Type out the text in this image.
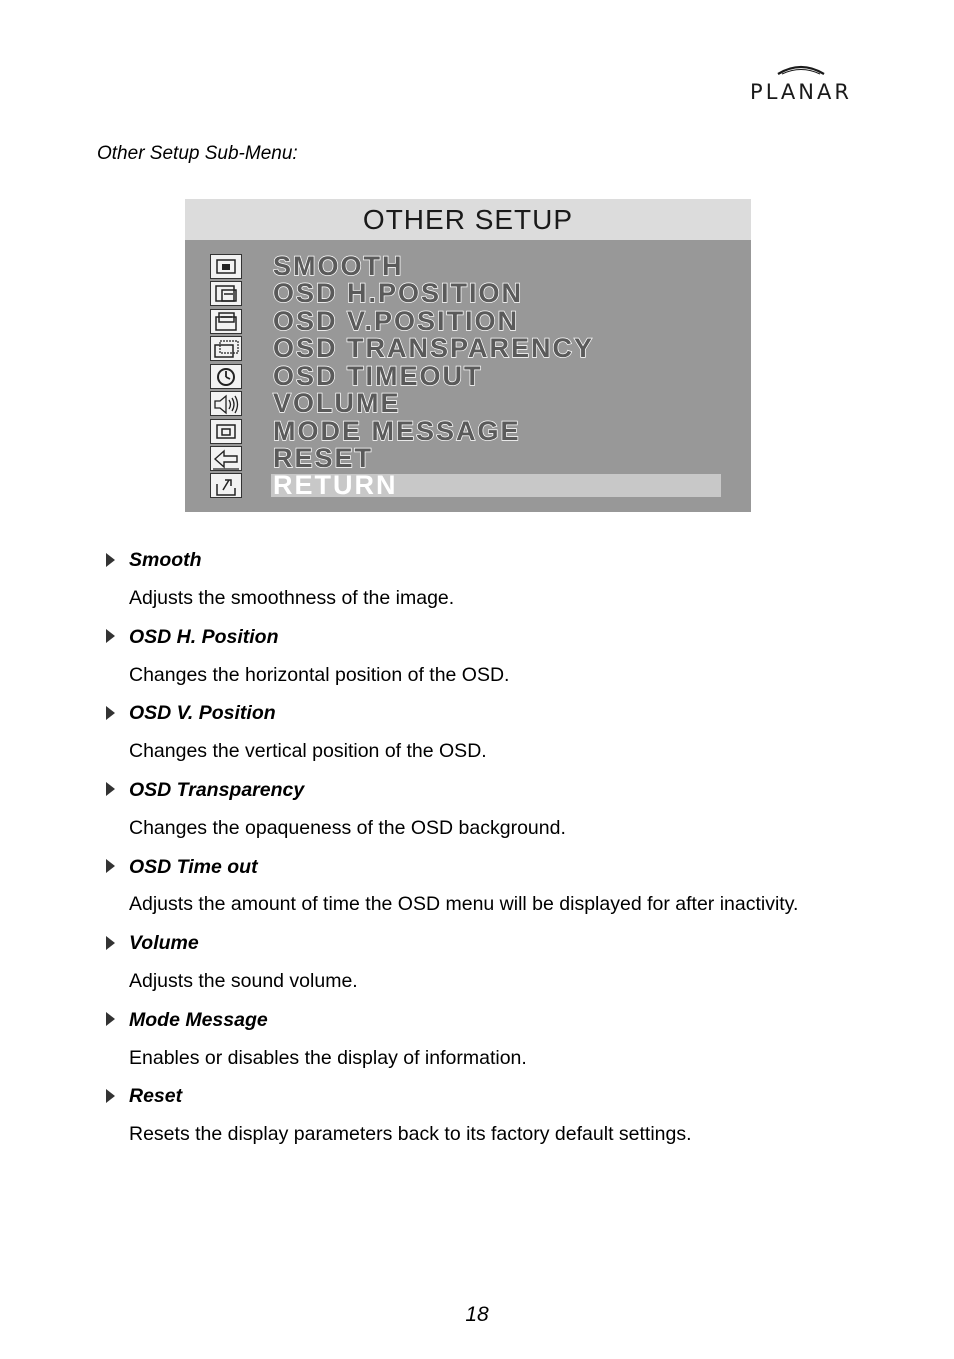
PLANAR
Other Setup Sub-Menu:
OTHER SETUP
SMOOTH
OSD H.POSITION
OSD V.POSITION
OSD TRANSPARENCY
OSD TIMEOUT
VOLUME
MODE MESSAGE
RESET
RETURN
Smooth
Adjusts the smoothness of the image.
OSD H. Position
Changes the horizontal position of the OSD.
OSD V. Position
Changes the vertical position of the OSD.
OSD Transparency
Changes the opaqueness of the OSD background.
OSD Time out
Adjusts the amount of time the OSD menu will be displayed for after inactivity.
Volume
Adjusts the sound volume.
Mode Message
Enables or disables the display of information.
Reset
Resets the display parameters back to its factory default settings.
18
